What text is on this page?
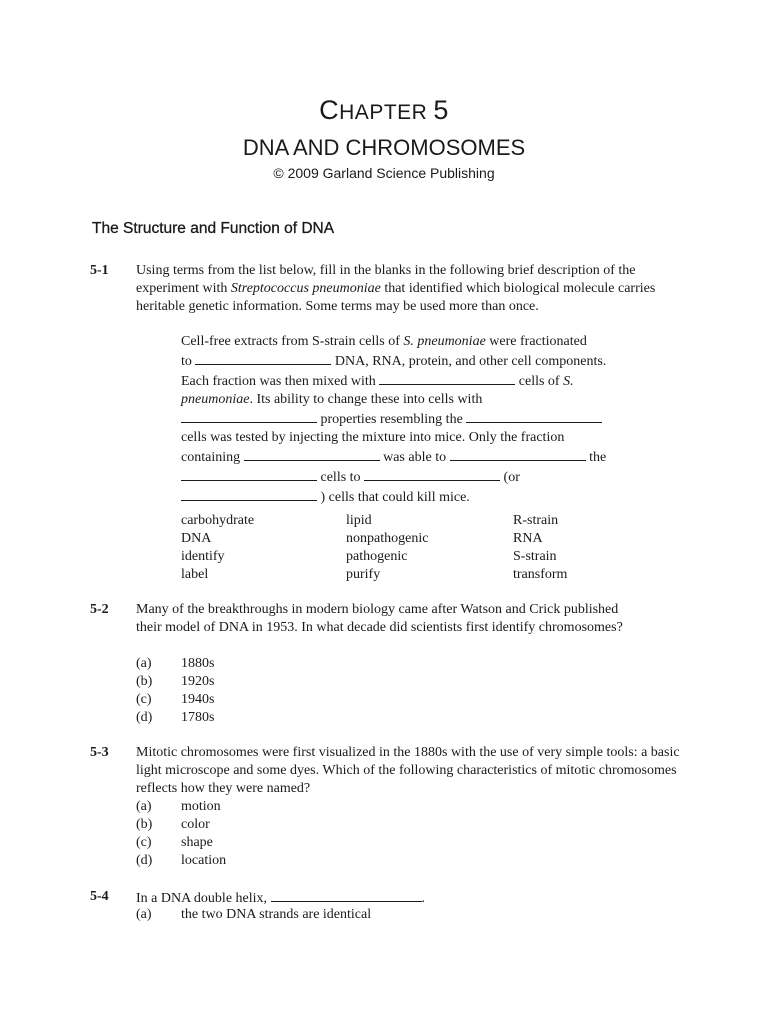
CHAPTER 5
DNA AND CHROMOSOMES
© 2009 Garland Science Publishing
The Structure and Function of DNA
5-1 Using terms from the list below, fill in the blanks in the following brief description of the experiment with Streptococcus pneumoniae that identified which biological molecule carries heritable genetic information. Some terms may be used more than once.
Cell-free extracts from S-strain cells of S. pneumoniae were fractionated
to	DNA, RNA, protein, and other cell components.
Each fraction was then mixed with	cells of S.
pneumoniae. Its ability to change these into cells with
properties resembling the
cells was tested by injecting the mixture into mice. Only the fraction
containing	was able to	the
cells to	(or
) cells that could kill mice.
carbohydrate	lipid	R-strain
DNA	nonpathogenic	RNA
identify	pathogenic	S-strain
label	purify	transform
5-2 Many of the breakthroughs in modern biology came after Watson and Crick published their model of DNA in 1953. In what decade did scientists first identify chromosomes?
(a)	1880s
(b)	1920s
(c)	1940s
(d)	1780s
5-3 Mitotic chromosomes were first visualized in the 1880s with the use of very simple tools: a basic light microscope and some dyes. Which of the following characteristics of mitotic chromosomes reflects how they were named?
(a)	motion
(b)	color
(c)	shape
(d)	location
5-4 In a DNA double helix,	.
(a)	the two DNA strands are identical
